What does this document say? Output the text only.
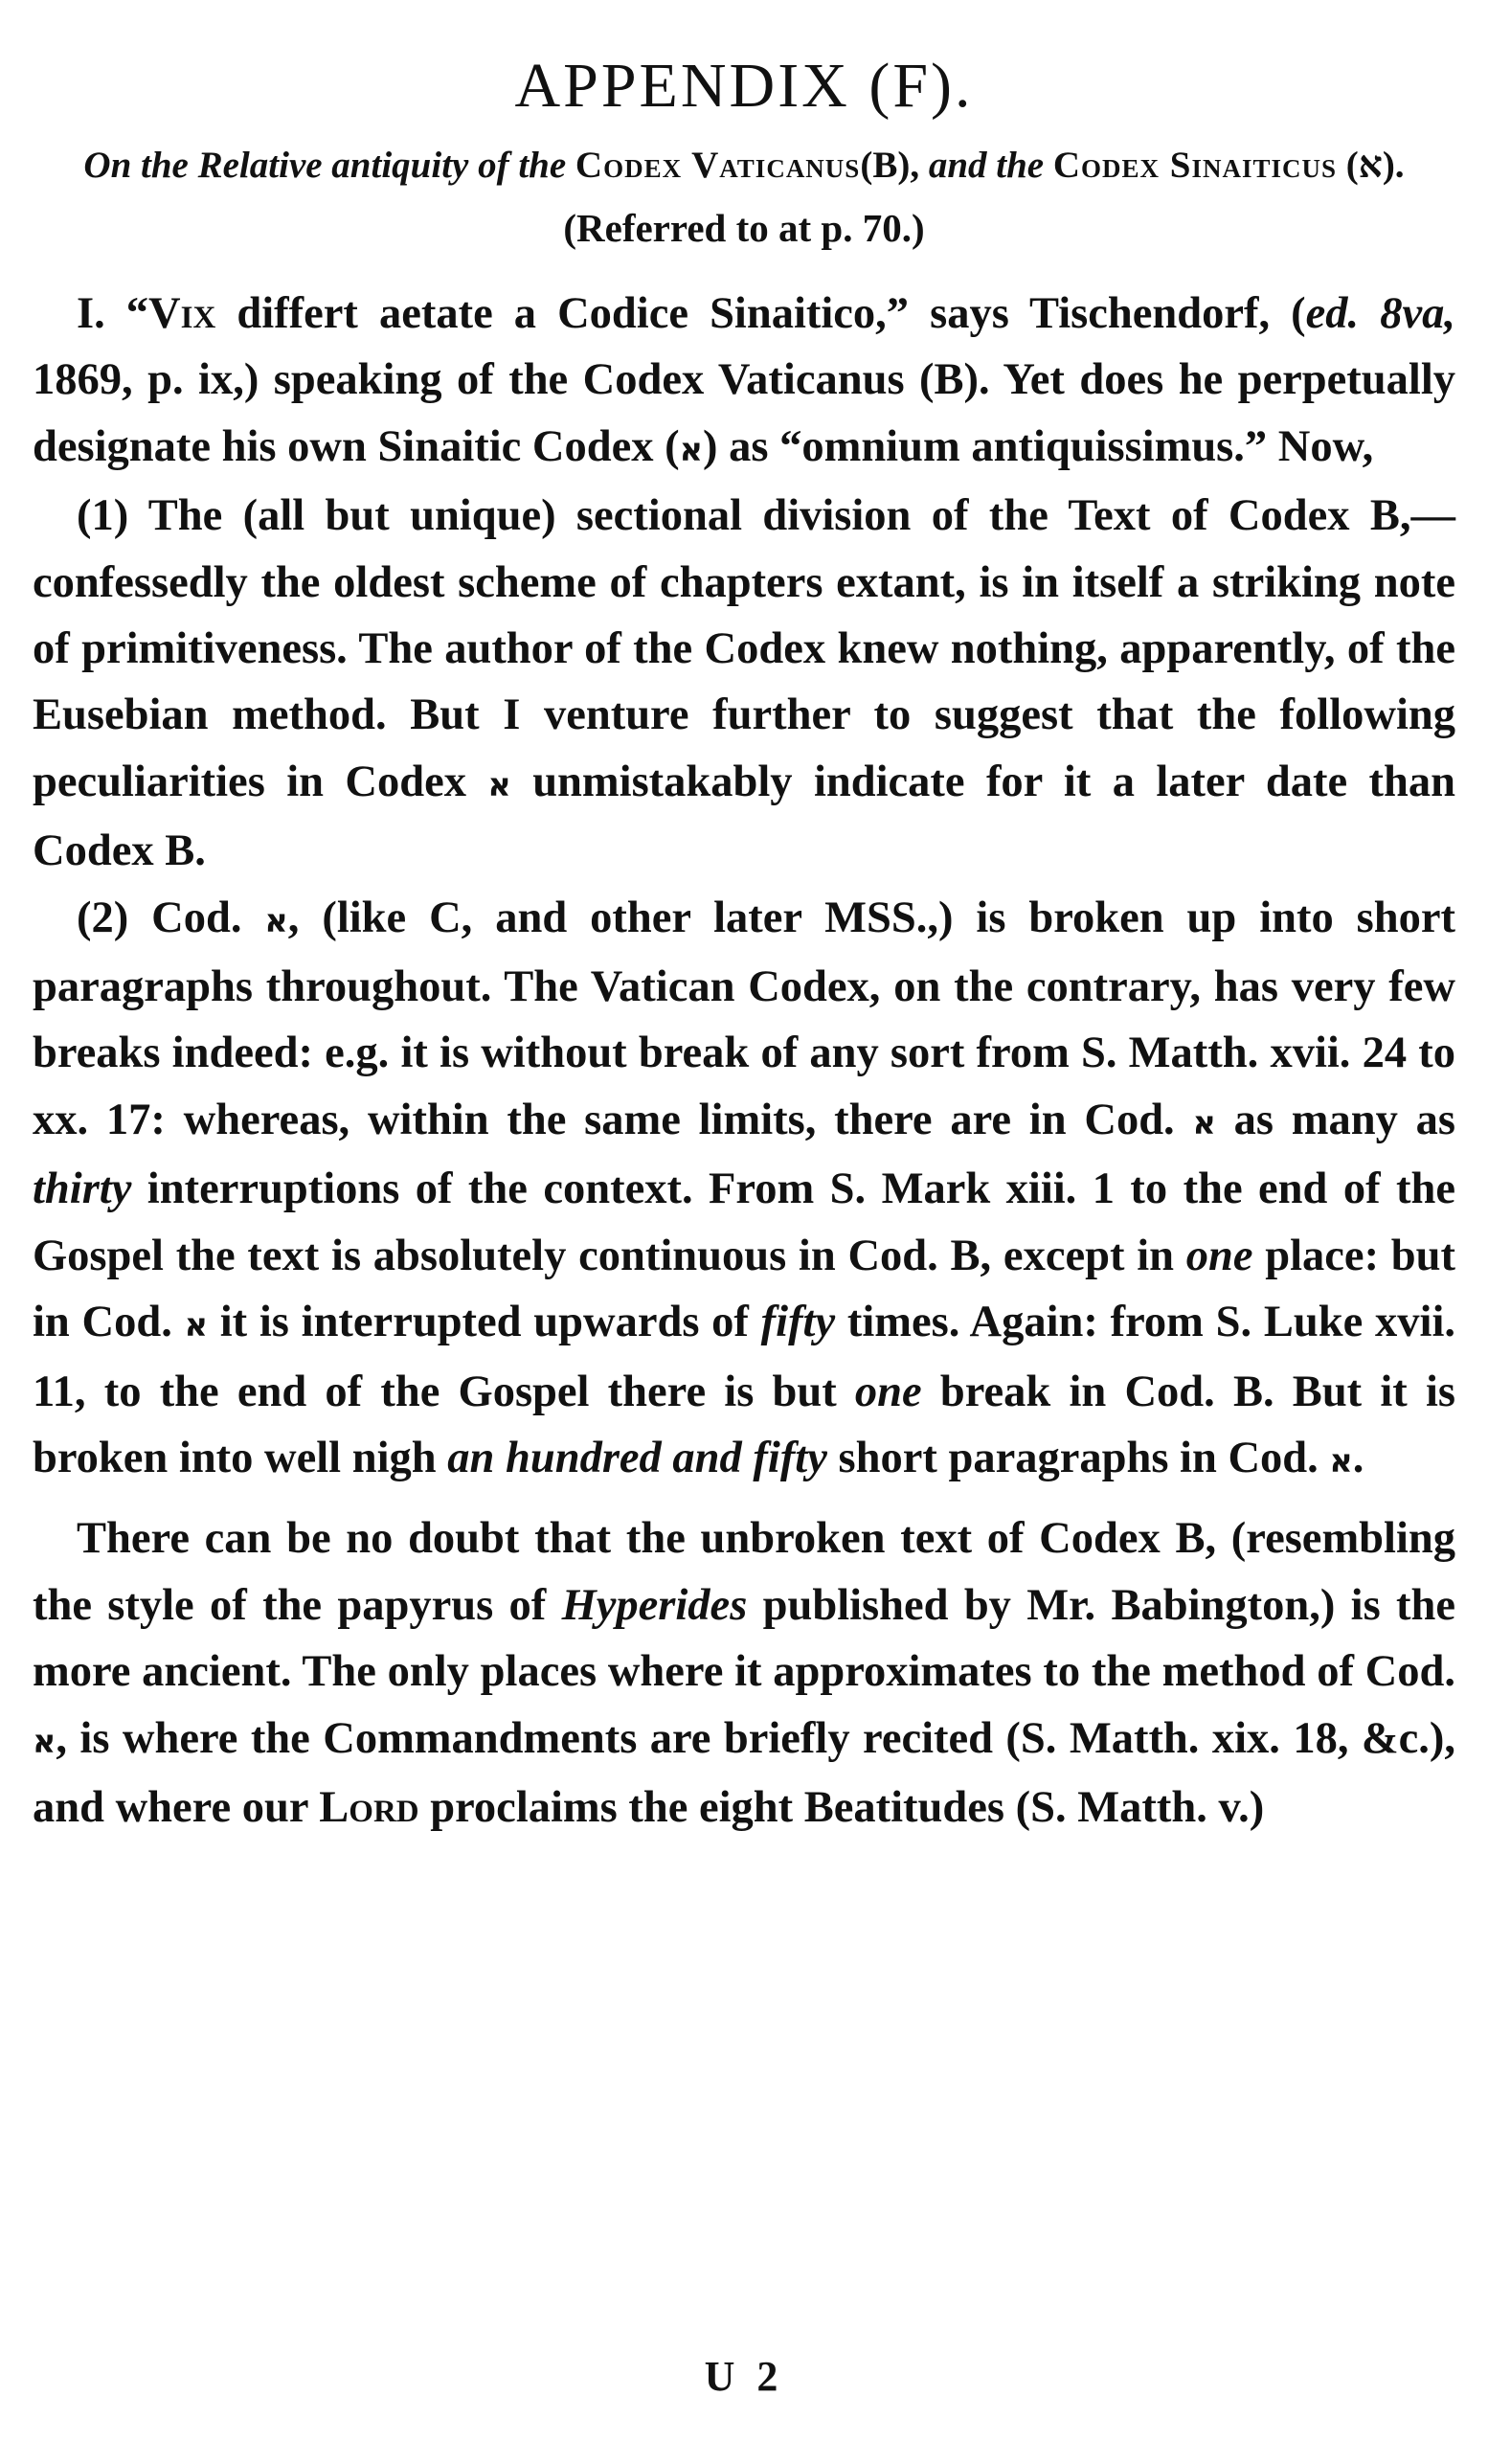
APPENDIX (F).
On the Relative antiquity of the Codex Vaticanus(B), and the Codex Sinaiticus (א).
(Referred to at p. 70.)

I. “Vix differt aetate a Codice Sinaitico,” says Tischendorf, (ed. 8va, 1869, p. ix,) speaking of the Codex Vaticanus (B). Yet does he perpetually designate his own Sinaitic Codex (א) as “omnium antiquissimus.” Now,

(1) The (all but unique) sectional division of the Text of Codex B,—confessedly the oldest scheme of chapters extant, is in itself a striking note of primitiveness. The author of the Codex knew nothing, apparently, of the Eusebian method. But I venture further to suggest that the following peculiarities in Codex א unmistakably indicate for it a later date than Codex B.

(2) Cod. א, (like C, and other later MSS.,) is broken up into short paragraphs throughout. The Vatican Codex, on the contrary, has very few breaks indeed: e.g. it is without break of any sort from S. Matth. xvii. 24 to xx. 17: whereas, within the same limits, there are in Cod. א as many as thirty interruptions of the context. From S. Mark xiii. 1 to the end of the Gospel the text is absolutely continuous in Cod. B, except in one place: but in Cod. א it is interrupted upwards of fifty times. Again: from S. Luke xvii. 11, to the end of the Gospel there is but one break in Cod. B. But it is broken into well nigh an hundred and fifty short paragraphs in Cod. א.

There can be no doubt that the unbroken text of Codex B, (resembling the style of the papyrus of Hyperides published by Mr. Babington,) is the more ancient. The only places where it approximates to the method of Cod. א, is where the Commandments are briefly recited (S. Matth. xix. 18, &c.), and where our Lord proclaims the eight Beatitudes (S. Matth. v.)

U 2
